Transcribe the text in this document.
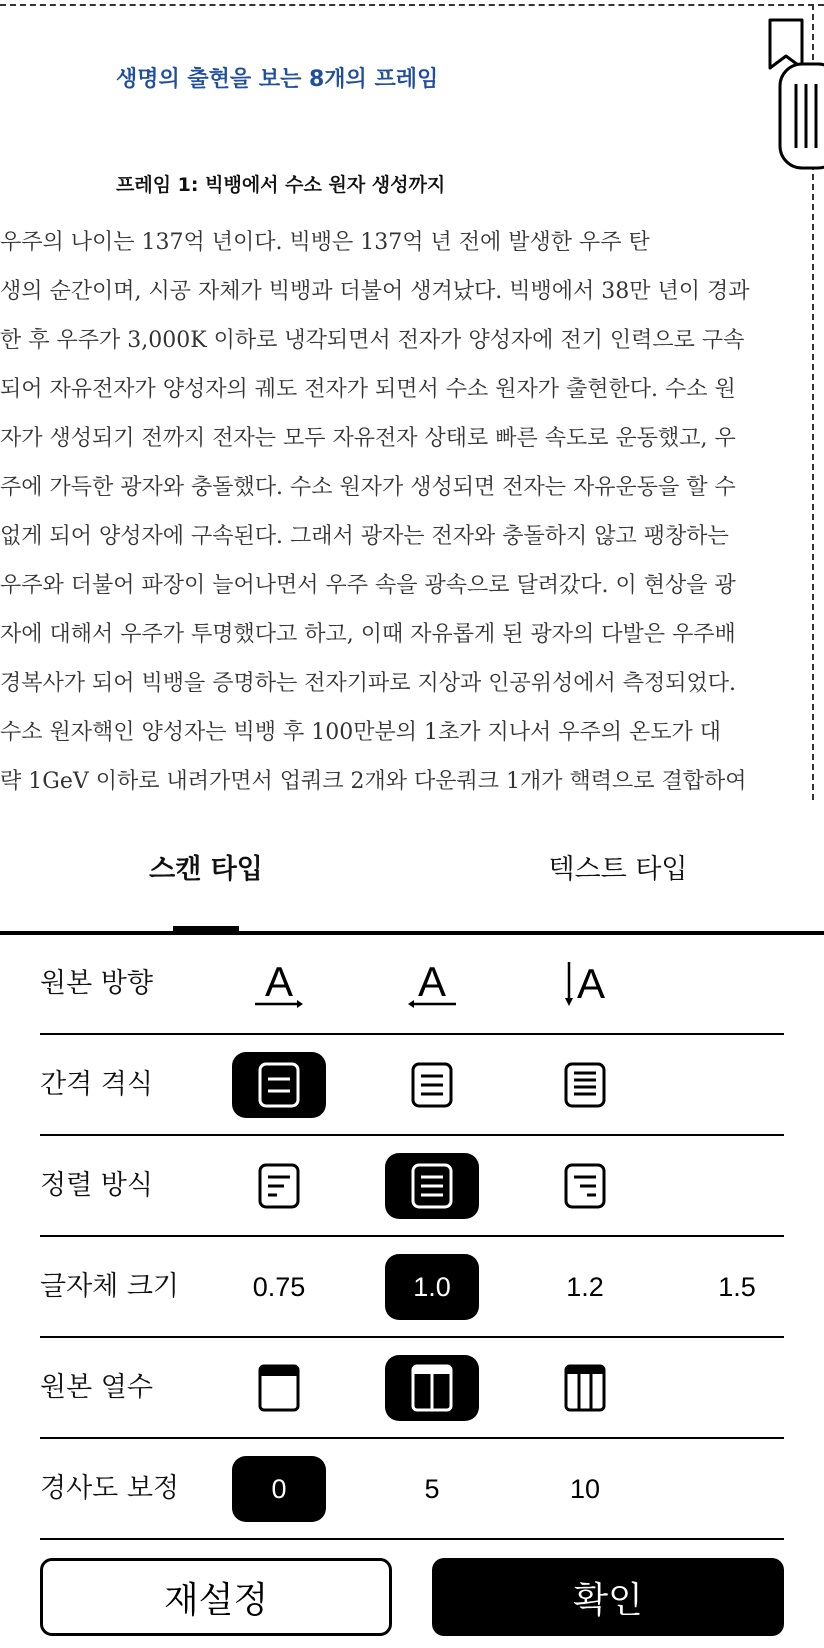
생명의 출현을 보는 8개의 프레임
프레임 1: 빅뱅에서 수소 원자 생성까지
우주의 나이는 137억 년이다. 빅뱅은 137억 년 전에 발생한 우주 탄
생의 순간이며, 시공 자체가 빅뱅과 더불어 생겨났다. 빅뱅에서 38만 년이 경과
한 후 우주가 3,000K 이하로 냉각되면서 전자가 양성자에 전기 인력으로 구속
되어 자유전자가 양성자의 궤도 전자가 되면서 수소 원자가 출현한다. 수소 원
자가 생성되기 전까지 전자는 모두 자유전자 상태로 빠른 속도로 운동했고, 우
주에 가득한 광자와 충돌했다. 수소 원자가 생성되면 전자는 자유운동을 할 수
없게 되어 양성자에 구속된다. 그래서 광자는 전자와 충돌하지 않고 팽창하는
우주와 더불어 파장이 늘어나면서 우주 속을 광속으로 달려갔다. 이 현상을 광
자에 대해서 우주가 투명했다고 하고, 이때 자유롭게 된 광자의 다발은 우주배
경복사가 되어 빅뱅을 증명하는 전자기파로 지상과 인공위성에서 측정되었다.
수소 원자핵인 양성자는 빅뱅 후 100만분의 1초가 지나서 우주의 온도가 대
략 1GeV 이하로 내려가면서 업쿼크 2개와 다운쿼크 1개가 핵력으로 결합하여
스캔 타입	텍스트 타입
원본 방향	A	A	A
간격 격식
정렬 방식
글자체 크기	0.75	1.0	1.2	1.5
원본 열수
경사도 보정	0	5	10
재설정	확인
